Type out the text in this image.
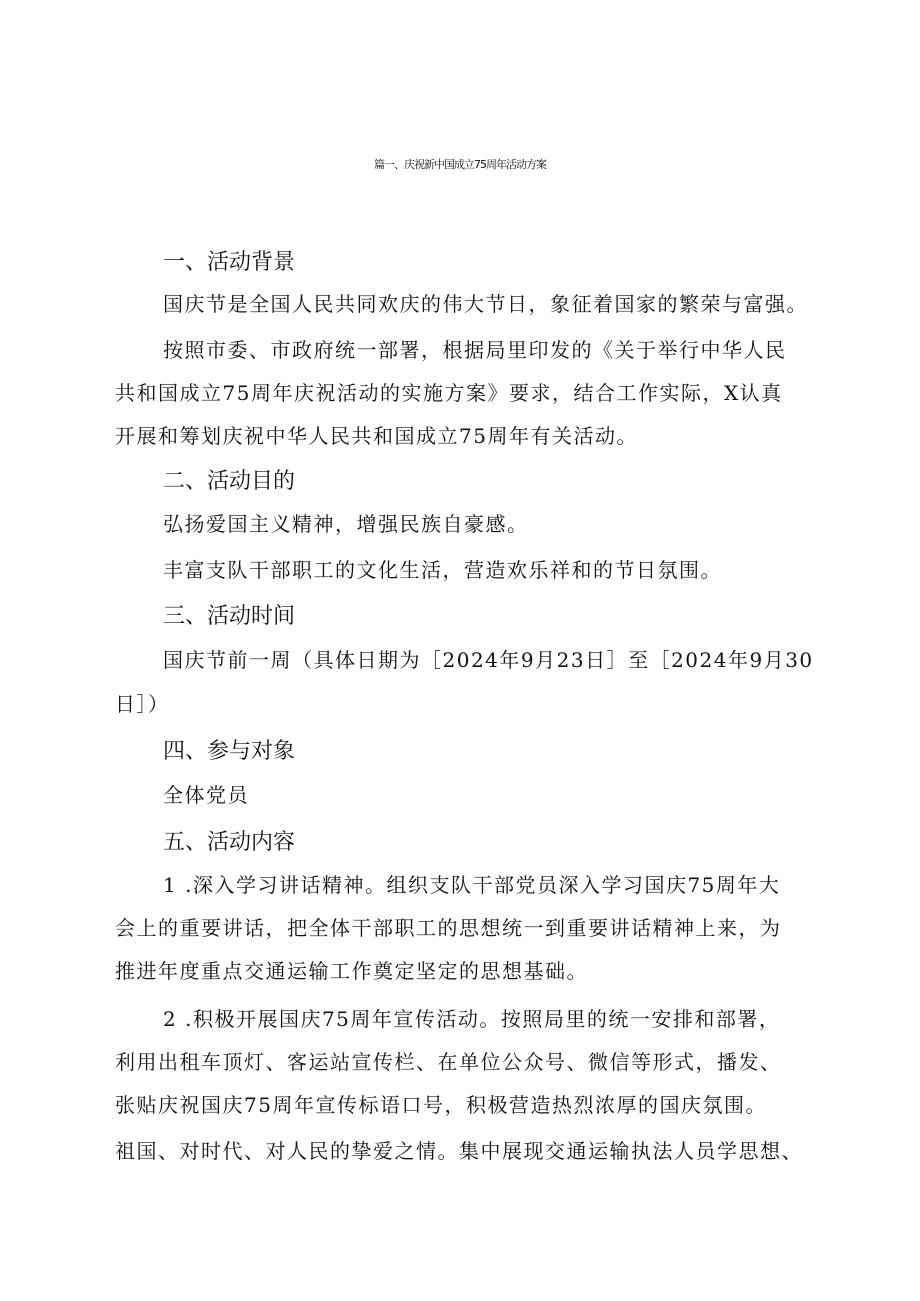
篇一、庆祝新中国成立75周年活动方案
一、活动背景
国庆节是全国人民共同欢庆的伟大节日，象征着国家的繁荣与富强。
按照市委、市政府统一部署，根据局里印发的《关于举行中华人民
共和国成立75周年庆祝活动的实施方案》要求，结合工作实际，X认真
开展和筹划庆祝中华人民共和国成立75周年有关活动。
二、活动目的
弘扬爱国主义精神，增强民族自豪感。
丰富支队干部职工的文化生活，营造欢乐祥和的节日氛围。
三、活动时间
国庆节前一周（具体日期为［2024年9月23日］至［2024年9月30
日］）
四、参与对象
全体党员
五、活动内容
1 .深入学习讲话精神。组织支队干部党员深入学习国庆75周年大
会上的重要讲话，把全体干部职工的思想统一到重要讲话精神上来，为
推进年度重点交通运输工作奠定坚定的思想基础。
2 .积极开展国庆75周年宣传活动。按照局里的统一安排和部署，
利用出租车顶灯、客运站宣传栏、在单位公众号、微信等形式，播发、
张贴庆祝国庆75周年宣传标语口号，积极营造热烈浓厚的国庆氛围。
祖国、对时代、对人民的挚爱之情。集中展现交通运输执法人员学思想、
